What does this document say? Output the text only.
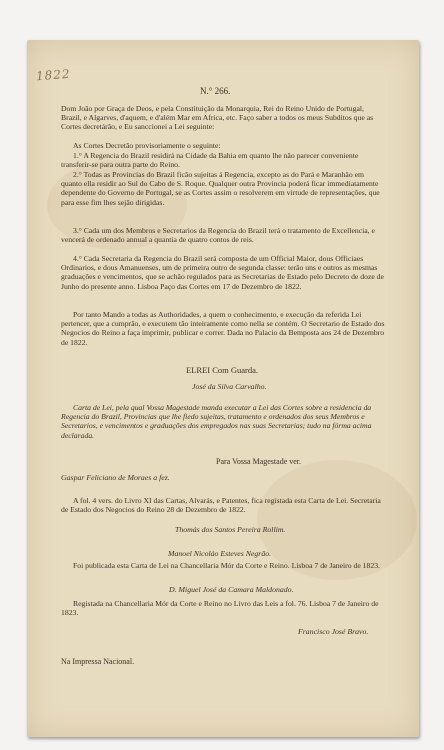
1822
N.° 266.
Dom João por Graça de Deos, e pela Constituição da Monarquia, Rei do Reino Unido de Portugal, Brazil, e Algarves, d'aquem, e d'além Mar em Africa, etc. Faço saber a todos os meus Subditos que as Cortes decretárão, e Eu sanccionei a Lei seguinte:
As Cortes Decretão provisoriamente o seguinte:
1.° A Regencia do Brazil residirá na Cidade da Bahia em quanto lhe não parecer conveniente transferir-se para outra parte do Reino.
2.° Todas as Provincias do Brazil ficão sujeitas á Regencia, excepto as do Pará e Maranhão em quanto ella residir ao Sul do Cabo de S. Roque. Qualquer outra Provincia poderá ficar immediatamente dependente do Governo de Portugal, se as Cortes assim o resolverem em virtude de representações, que para esse fim lhes sejão dirigidas.
3.° Cada um dos Membros e Secretarios da Regencia do Brazil terá o tratamento de Excellencia, e vencerá de ordenado annual a quantia de quatro contos de reis.
4.° Cada Secretaria da Regencia do Brazil será composta de um Official Maior, dous Officiaes Ordinarios, e dous Amanuenses, um de primeira outro de segunda classe: terão uns e outros as mesmas graduações e vencimentos, que se achão regulados para as Secretarias de Estado pelo Decreto de doze de Junho do presente anno. Lisboa Paço das Cortes em 17 de Dezembro de 1822.
Por tanto Mando a todas as Authoridades, a quem o conhecimento, e execução da referida Lei pertencer, que a cumprão, e executem tão inteiramente como nella se contém. O Secretario de Estado dos Negocios do Reino a faça imprimir, publicar e correr. Dada no Palacio da Bemposta aos 24 de Dezembro de 1822.
ELREI Com Guarda.
José da Silva Carvalho.
Carta de Lei, pela qual Vossa Magestade manda executar a Lei das Cortes sobre a residencia da Regencia do Brazil, Provincias que lhe fiedo sujeitas, tratamento e ordenados dos seus Membros e Secretarios, e vencimentos e graduações dos empregados nas suas Secretarias; tudo na fórma acima declarada.
Para Vossa Magestade ver.
Gaspar Feliciano de Moraes a fez.
A fol. 4 vers. do Livro XI das Cartas, Alvarás, e Patentes, fica registada esta Carta de Lei. Secretaria de Estado dos Negocios do Reino 28 de Dezembro de 1822.
Thomás dos Santos Pereira Rollim.
Manoel Nicoláo Esteves Negrão.
Foi publicada esta Carta de Lei na Chancellaria Mór da Corte e Reino. Lisboa 7 de Janeiro de 1823.
D. Miguel José da Camara Maldonado.
Registada na Chancellaria Mór da Corte e Reino no Livro das Leis a fol. 76. Lisboa 7 de Janeiro de 1823.
Francisco José Bravo.
Na Impressa Nacional.
